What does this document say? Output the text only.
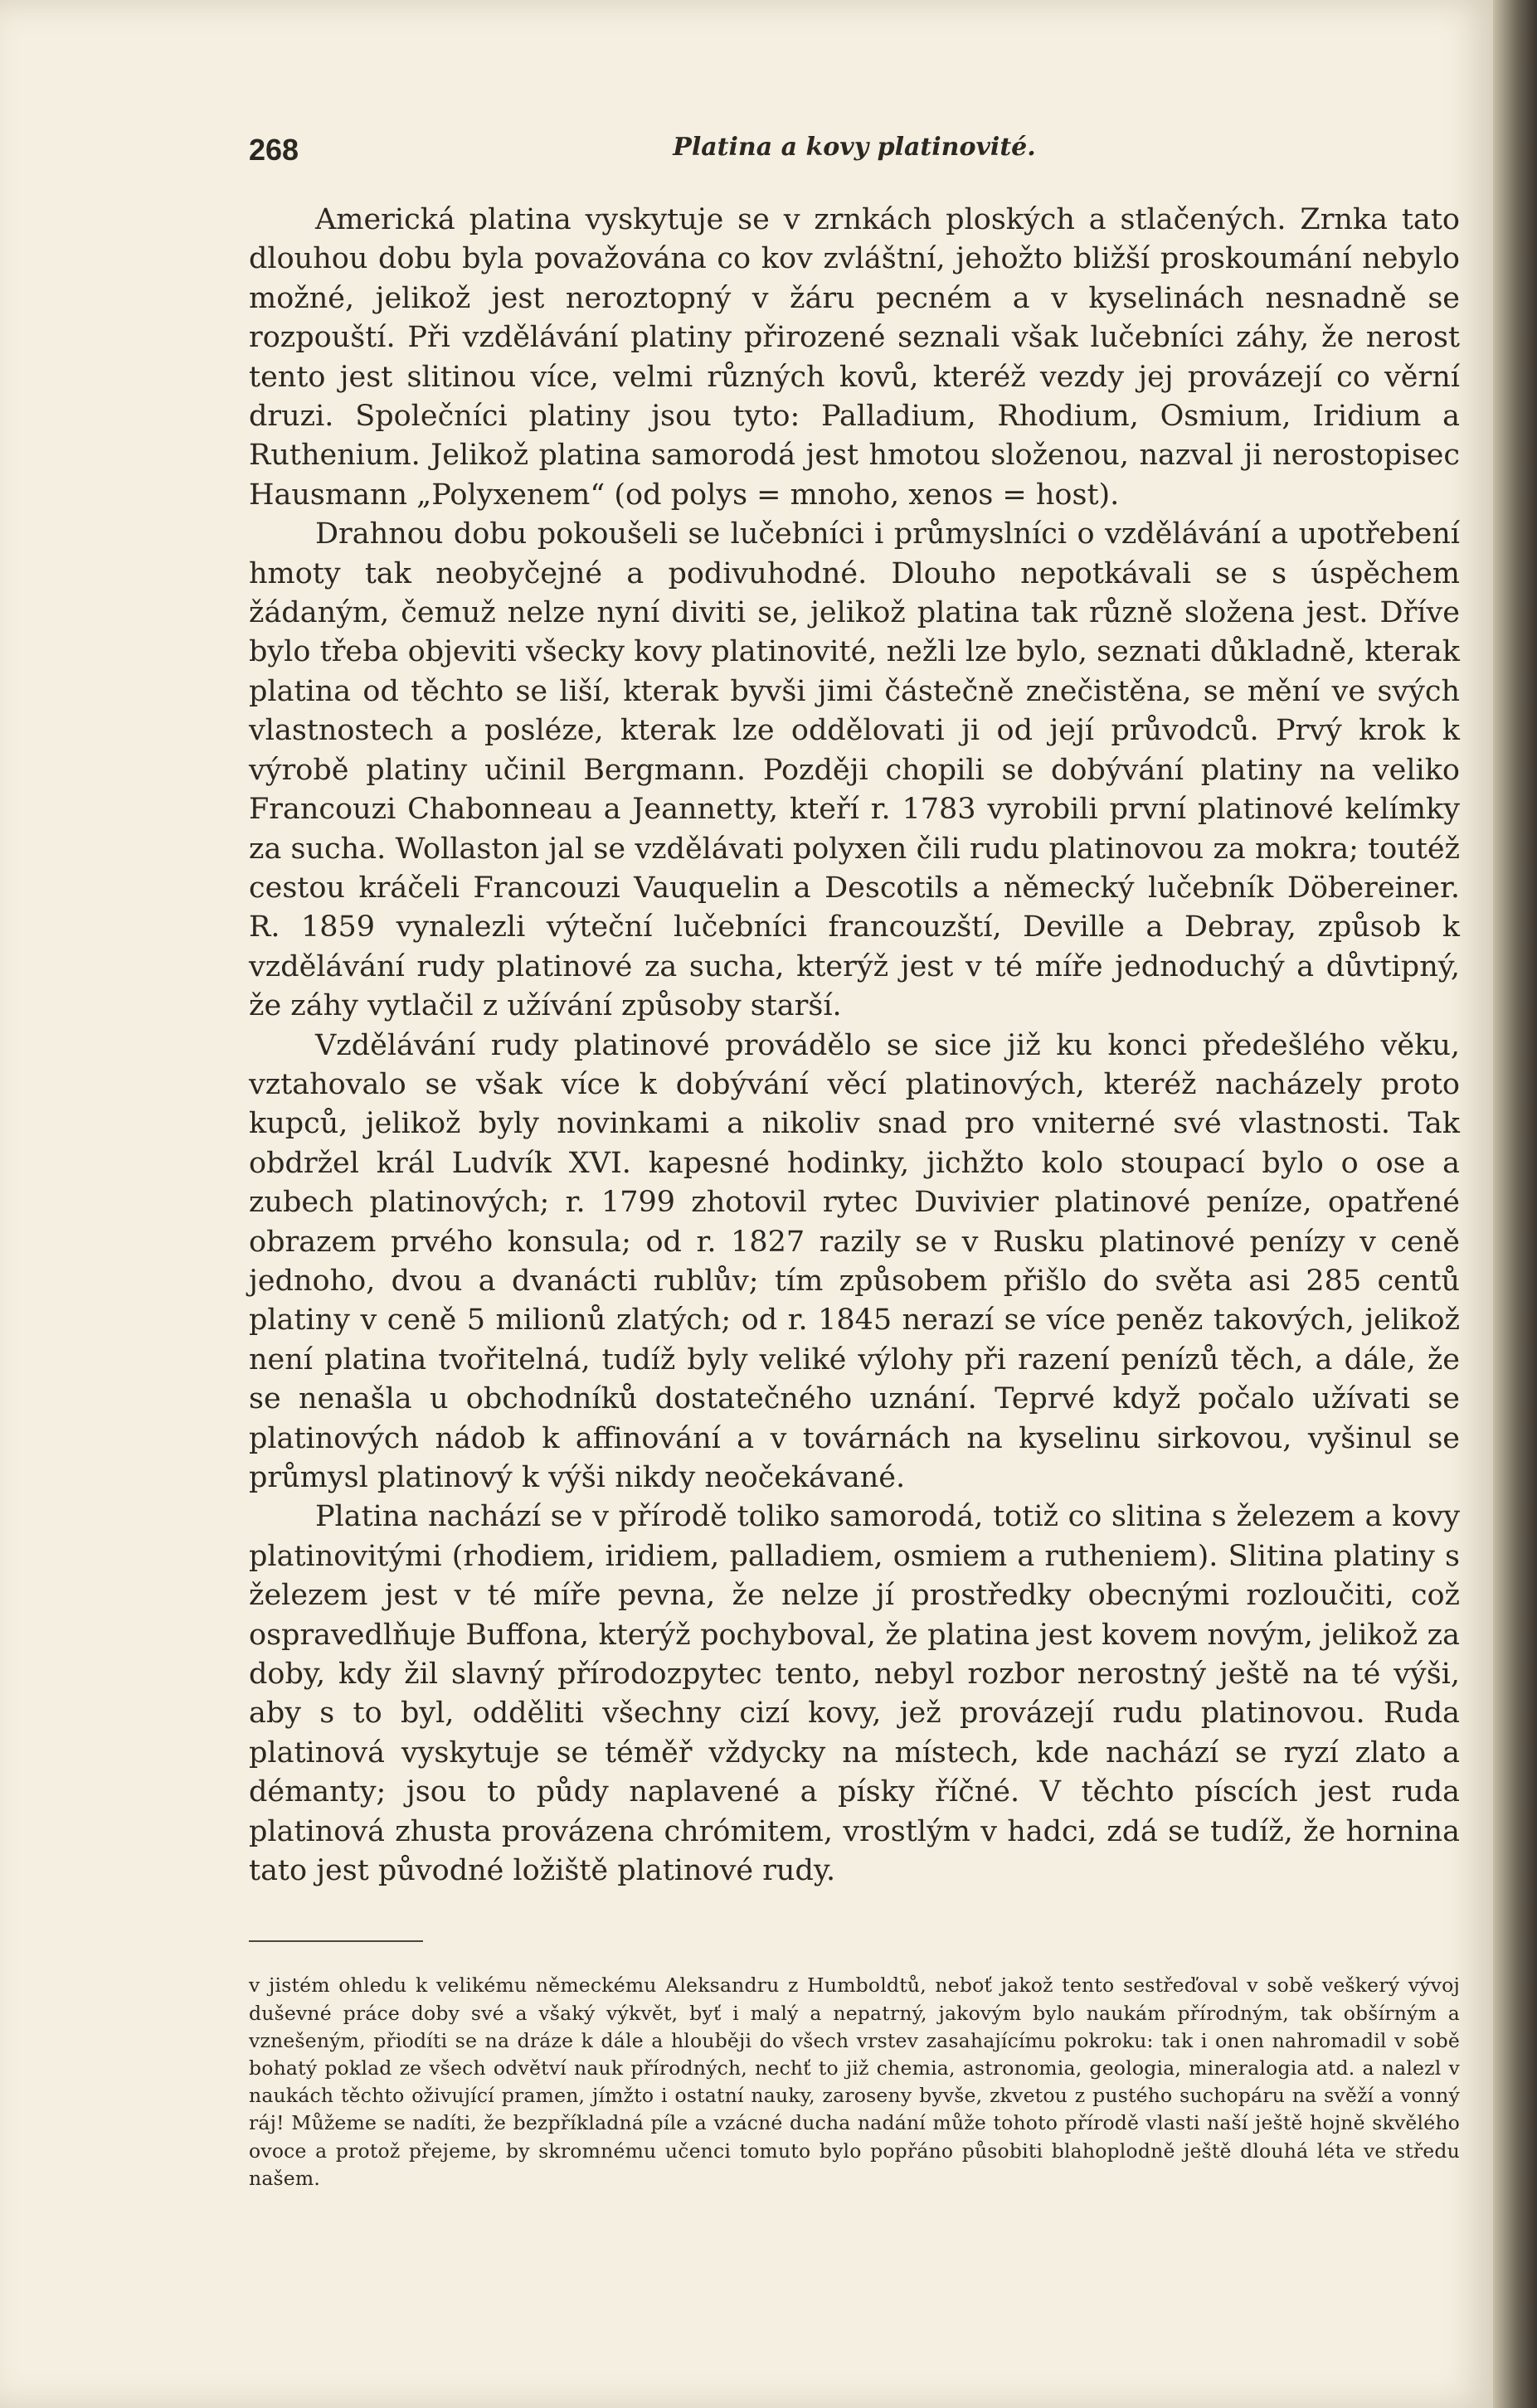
268	Platina a kovy platinovité.

Americká platina vyskytuje se v zrnkách ploských a stlačených. Zrnka tato dlouhou dobu byla považována co kov zvláštní, jehožto bližší proskoumání nebylo možné, jelikož jest neroztopný v žáru pecném a v kyselinách nesnadně se rozpouští. Při vzdělávání platiny přirozené seznali však lučebníci záhy, že nerost tento jest slitinou více, velmi různých kovů, kteréž vezdy jej provázejí co věrní druzi. Společníci platiny jsou tyto: Palladium, Rhodium, Osmium, Iridium a Ruthenium. Jelikož platina samorodá jest hmotou složenou, nazval ji nerostopisec Hausmann „Polyxenem“ (od polys = mnoho, xenos = host).

Drahnou dobu pokoušeli se lučebníci i průmyslníci o vzdělávání a upotřebení hmoty tak neobyčejné a podivuhodné. Dlouho nepotkávali se s úspěchem žádaným, čemuž nelze nyní diviti se, jelikož platina tak různě složena jest. Dříve bylo třeba objeviti všecky kovy platinovité, nežli lze bylo, seznati důkladně, kterak platina od těchto se liší, kterak byvši jimi částečně znečistěna, se mění ve svých vlastnostech a posléze, kterak lze oddělovati ji od její průvodců. Prvý krok k výrobě platiny učinil Bergmann. Později chopili se dobývání platiny na veliko Francouzi Chabonneau a Jeannetty, kteří r. 1783 vyrobili první platinové kelímky za sucha. Wollaston jal se vzdělávati polyxen čili rudu platinovou za mokra; toutéž cestou kráčeli Francouzi Vauquelin a Descotils a německý lučebník Döbereiner. R. 1859 vynalezli výteční lučebníci francouzští, Deville a Debray, způsob k vzdělávání rudy platinové za sucha, kterýž jest v té míře jednoduchý a důvtipný, že záhy vytlačil z užívání způsoby starší.

Vzdělávání rudy platinové provádělo se sice již ku konci předešlého věku, vztahovalo se však více k dobývání věcí platinových, kteréž nacházely proto kupců, jelikož byly novinkami a nikoliv snad pro vniterné své vlastnosti. Tak obdržel král Ludvík XVI. kapesné hodinky, jichžto kolo stoupací bylo o ose a zubech platinových; r. 1799 zhotovil rytec Duvivier platinové peníze, opatřené obrazem prvého konsula; od r. 1827 razily se v Rusku platinové penízy v ceně jednoho, dvou a dvanácti rublův; tím způsobem přišlo do světa asi 285 centů platiny v ceně 5 milionů zlatých; od r. 1845 nerazí se více peněz takových, jelikož není platina tvořitelná, tudíž byly veliké výlohy při razení penízů těch, a dále, že se nenašla u obchodníků dostatečného uznání. Teprvé když počalo užívati se platinových nádob k affinování a v továrnách na kyselinu sirkovou, vyšinul se průmysl platinový k výši nikdy neočekávané.

Platina nachází se v přírodě toliko samorodá, totiž co slitina s železem a kovy platinovitými (rhodiem, iridiem, palladiem, osmiem a rutheniem). Slitina platiny s železem jest v té míře pevna, že nelze jí prostředky obecnými rozloučiti, což ospravedlňuje Buffona, kterýž pochyboval, že platina jest kovem novým, jelikož za doby, kdy žil slavný přírodozpytec tento, nebyl rozbor nerostný ještě na té výši, aby s to byl, odděliti všechny cizí kovy, jež provázejí rudu platinovou. Ruda platinová vyskytuje se téměř vždycky na místech, kde nachází se ryzí zlato a démanty; jsou to půdy naplavené a písky říčné. V těchto píscích jest ruda platinová zhusta provázena chrómitem, vrostlým v hadci, zdá se tudíž, že hornina tato jest původné ložiště platinové rudy.

v jistém ohledu k velikému německému Aleksandru z Humboldtů, neboť jakož tento sestřeďoval v sobě veškerý vývoj duševné práce doby své a všaký výkvět, byť i malý a nepatrný, jakovým bylo naukám přírodným, tak obšírným a vznešeným, přiodíti se na dráze k dále a hlouběji do všech vrstev zasahajícímu pokroku: tak i onen nahromadil v sobě bohatý poklad ze všech odvětví nauk přírodných, nechť to již chemia, astronomia, geologia, mineralogia atd. a nalezl v naukách těchto oživující pramen, jímžto i ostatní nauky, zaroseny byvše, zkvetou z pustého suchopáru na svěží a vonný ráj! Můžeme se nadíti, že bezpříkladná píle a vzácné ducha nadání může tohoto přírodě vlasti naší ještě hojně skvělého ovoce a protož přejeme, by skromnému učenci tomuto bylo popřáno působiti blahoplodně ještě dlouhá léta ve středu našem.
